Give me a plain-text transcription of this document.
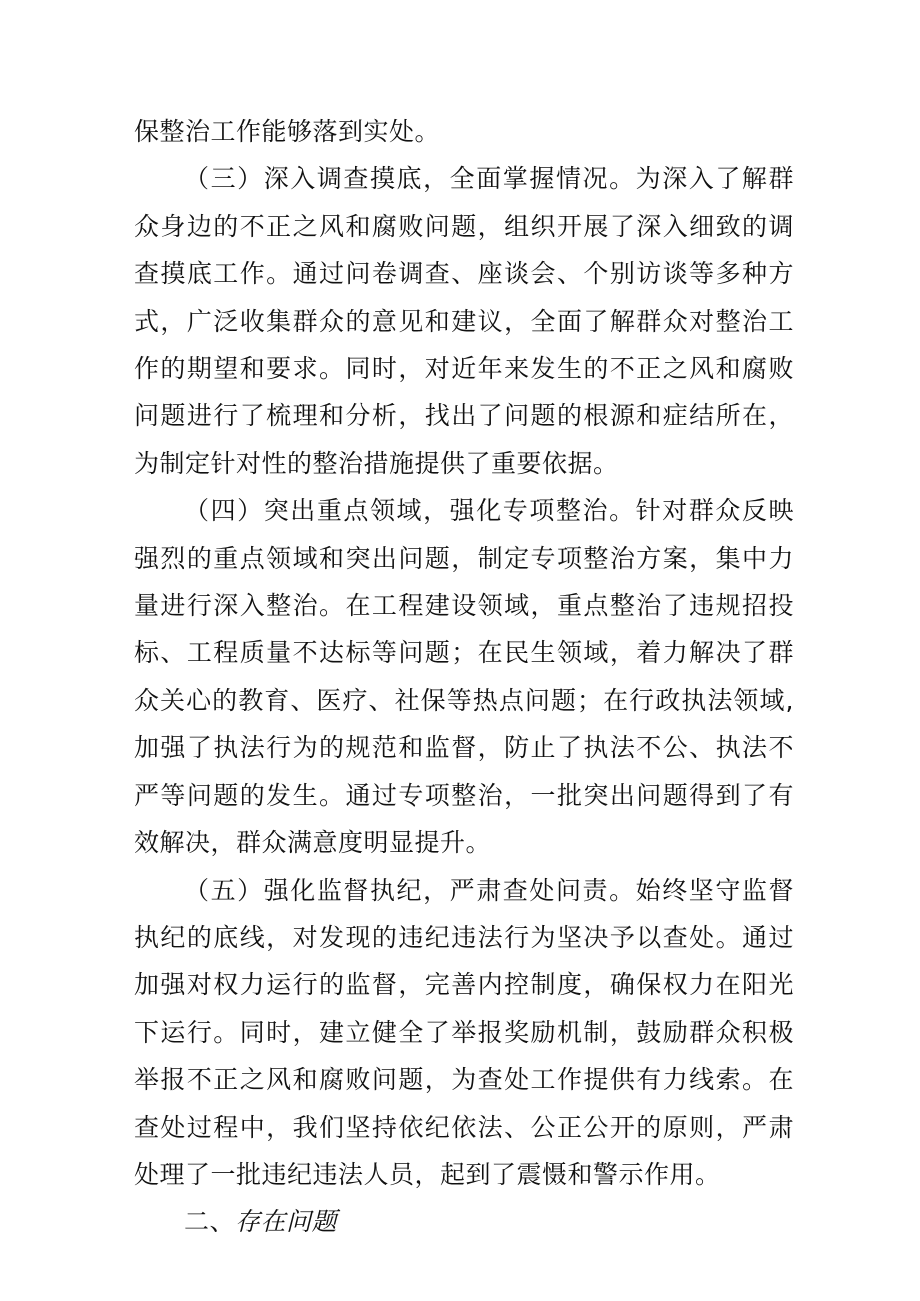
保整治工作能够落到实处。

（三）深入调查摸底，全面掌握情况。为深入了解群众身边的不正之风和腐败问题，组织开展了深入细致的调查摸底工作。通过问卷调查、座谈会、个别访谈等多种方式，广泛收集群众的意见和建议，全面了解群众对整治工作的期望和要求。同时，对近年来发生的不正之风和腐败问题进行了梳理和分析，找出了问题的根源和症结所在，为制定针对性的整治措施提供了重要依据。

（四）突出重点领域，强化专项整治。针对群众反映强烈的重点领域和突出问题，制定专项整治方案，集中力量进行深入整治。在工程建设领域，重点整治了违规招投标、工程质量不达标等问题；在民生领域，着力解决了群众关心的教育、医疗、社保等热点问题；在行政执法领域,加强了执法行为的规范和监督，防止了执法不公、执法不严等问题的发生。通过专项整治，一批突出问题得到了有效解决，群众满意度明显提升。

（五）强化监督执纪，严肃查处问责。始终坚守监督执纪的底线，对发现的违纪违法行为坚决予以查处。通过加强对权力运行的监督，完善内控制度，确保权力在阳光下运行。同时，建立健全了举报奖励机制，鼓励群众积极举报不正之风和腐败问题，为查处工作提供有力线索。在查处过程中，我们坚持依纪依法、公正公开的原则，严肃处理了一批违纪违法人员，起到了震慑和警示作用。

二、存在问题
